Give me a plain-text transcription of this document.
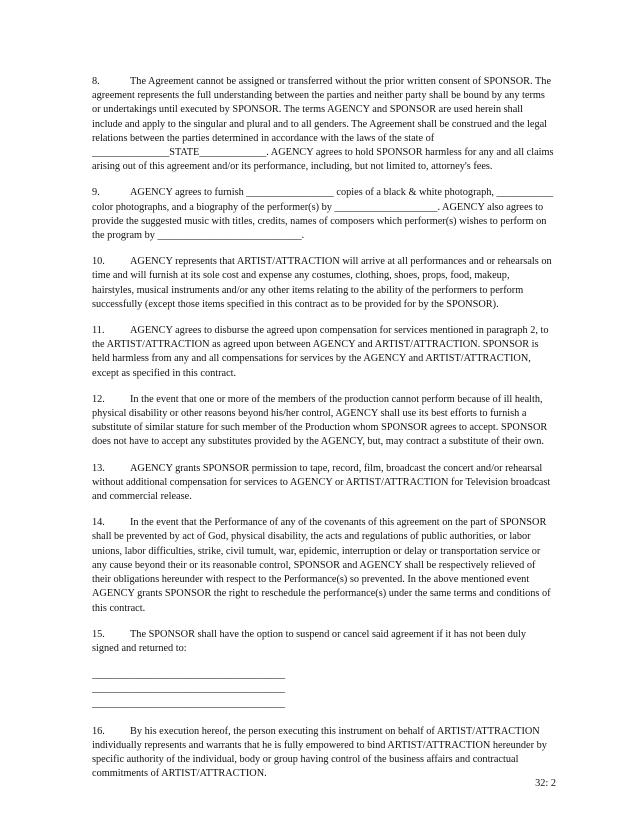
8.	The Agreement cannot be assigned or transferred without the prior written consent of SPONSOR. The agreement represents the full understanding between the parties and neither party shall be bound by any terms or undertakings until executed by SPONSOR. The terms AGENCY and SPONSOR are used herein shall include and apply to the singular and plural and to all genders. The Agreement shall be construed and the legal relations between the parties determined in accordance with the laws of the state of _______________STATE_____________. AGENCY agrees to hold SPONSOR harmless for any and all claims arising out of this agreement and/or its performance, including, but not limited to, attorney's fees.

9.	AGENCY agrees to furnish _________________ copies of a black & white photograph, ___________ color photographs, and a biography of the performer(s) by ____________________. AGENCY also agrees to provide the suggested music with titles, credits, names of composers which performer(s) wishes to perform on the program by ____________________________.

10. AGENCY represents that ARTIST/ATTRACTION will arrive at all performances and or rehearsals on time and will furnish at its sole cost and expense any costumes, clothing, shoes, props, food, makeup, hairstyles, musical instruments and/or any other items relating to the ability of the performers to perform successfully (except those items specified in this contract as to be provided for by the SPONSOR).

11. AGENCY agrees to disburse the agreed upon compensation for services mentioned in paragraph 2, to the ARTIST/ATTRACTION as agreed upon between AGENCY and ARTIST/ATTRACTION. SPONSOR is held harmless from any and all compensations for services by the AGENCY and ARTIST/ATTRACTION, except as specified in this contract.

12. In the event that one or more of the members of the production cannot perform because of ill health, physical disability or other reasons beyond his/her control, AGENCY shall use its best efforts to furnish a substitute of similar stature for such member of the Production whom SPONSOR agrees to accept. SPONSOR does not have to accept any substitutes provided by the AGENCY, but, may contract a substitute of their own.

13. AGENCY grants SPONSOR permission to tape, record, film, broadcast the concert and/or rehearsal without additional compensation for services to AGENCY or ARTIST/ATTRACTION for Television broadcast and commercial release.

14. In the event that the Performance of any of the covenants of this agreement on the part of SPONSOR shall be prevented by act of God, physical disability, the acts and regulations of public authorities, or labor unions, labor difficulties, strike, civil tumult, war, epidemic, interruption or delay or transportation service or any cause beyond their or its reasonable control, SPONSOR and AGENCY shall be respectively relieved of their obligations hereunder with respect to the Performance(s) so prevented. In the above mentioned event AGENCY grants SPONSOR the right to reschedule the performance(s) under the same terms and conditions of this contract.

15. The SPONSOR shall have the option to suspend or cancel said agreement if it has not been duly signed and returned to:

_______________________________________

_______________________________________

_______________________________________

16. By his execution hereof, the person executing this instrument on behalf of ARTIST/ATTRACTION individually represents and warrants that he is fully empowered to bind ARTIST/ATTRACTION hereunder by specific authority of the individual, body or group having control of the business affairs and contractual commitments of ARTIST/ATTRACTION.

32: 2
